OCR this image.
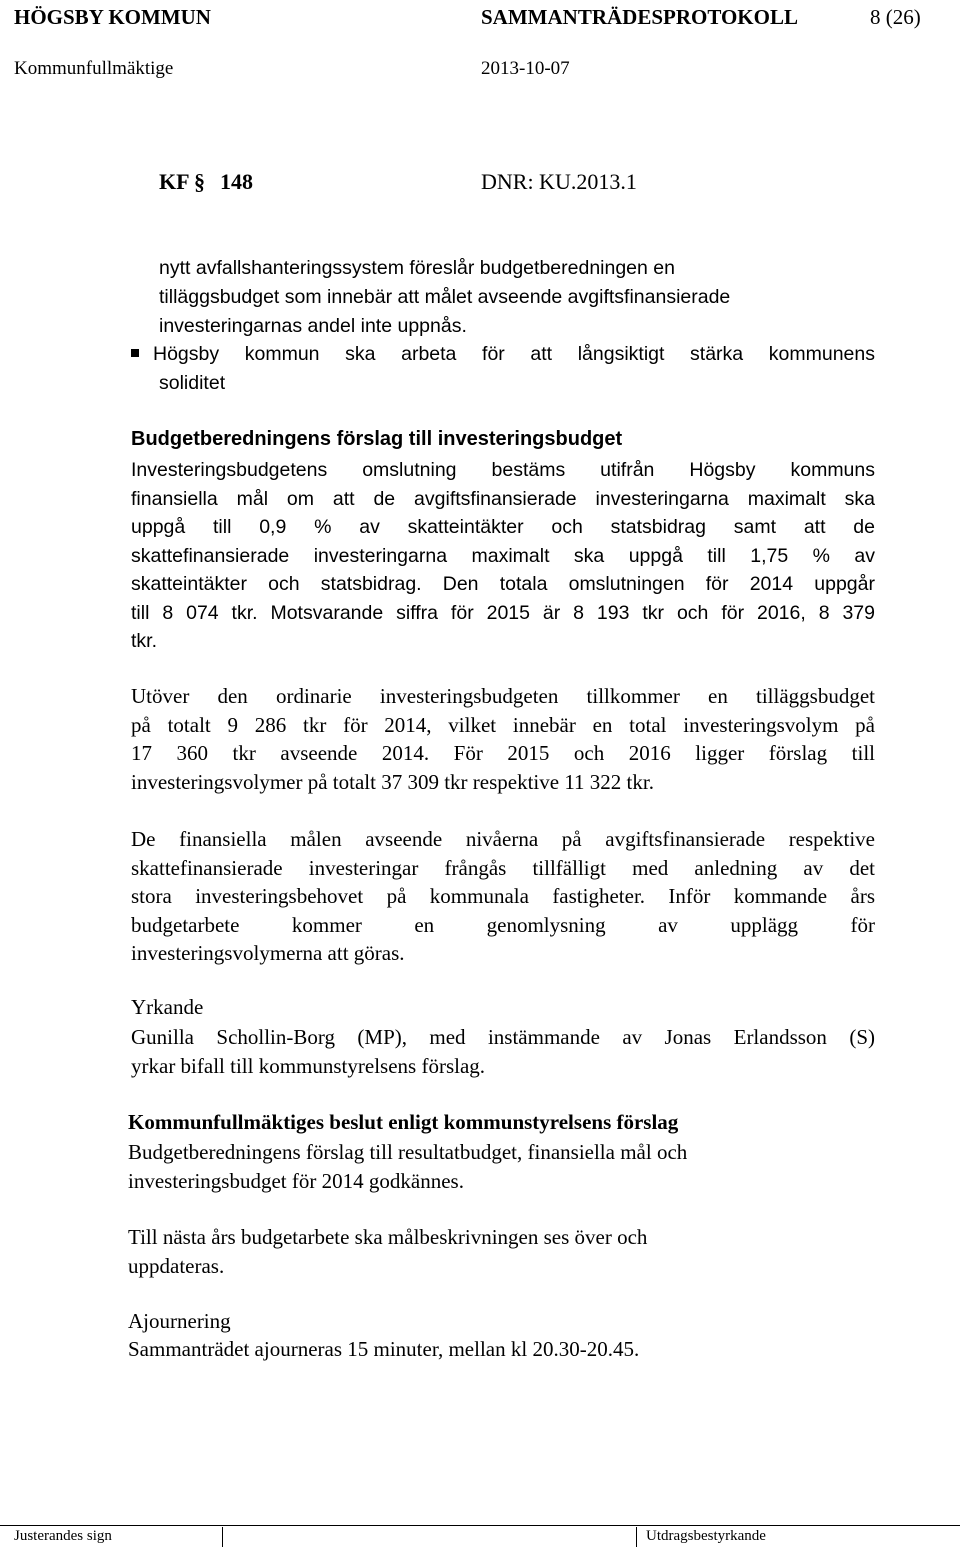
HÖGSBY KOMMUN	SAMMANTRÄDESPROTOKOLL	8 (26)
Kommunfullmäktige	2013-10-07
KF § 148	DNR: KU.2013.1
nytt avfallshanteringssystem föreslår budgetberedningen en
tilläggsbudget som innebär att målet avseende avgiftsfinansierade
investeringarnas andel inte uppnås.
Högsby kommun ska arbeta för att långsiktigt stärka kommunens
soliditet
Budgetberedningens förslag till investeringsbudget
Investeringsbudgetens omslutning bestäms utifrån Högsby kommuns
finansiella mål om att de avgiftsfinansierade investeringarna maximalt ska
uppgå till 0,9 % av skatteintäkter och statsbidrag samt att de
skattefinansierade investeringarna maximalt ska uppgå till 1,75 % av
skatteintäkter och statsbidrag. Den totala omslutningen för 2014 uppgår
till 8 074 tkr. Motsvarande siffra för 2015 är 8 193 tkr och för 2016, 8 379
tkr.
Utöver den ordinarie investeringsbudgeten tillkommer en tilläggsbudget
på totalt 9 286 tkr för 2014, vilket innebär en total investeringsvolym på
17 360 tkr avseende 2014. För 2015 och 2016 ligger förslag till
investeringsvolymer på totalt 37 309 tkr respektive 11 322 tkr.
De finansiella målen avseende nivåerna på avgiftsfinansierade respektive
skattefinansierade investeringar frångås tillfälligt med anledning av det
stora investeringsbehovet på kommunala fastigheter. Inför kommande års
budgetarbete kommer en genomlysning av upplägg för
investeringsvolymerna att göras.
Yrkande
Gunilla Schollin-Borg (MP), med instämmande av Jonas Erlandsson (S)
yrkar bifall till kommunstyrelsens förslag.
Kommunfullmäktiges beslut enligt kommunstyrelsens förslag
Budgetberedningens förslag till resultatbudget, finansiella mål och
investeringsbudget för 2014 godkännes.
Till nästa års budgetarbete ska målbeskrivningen ses över och
uppdateras.
Ajournering
Sammanträdet ajourneras 15 minuter, mellan kl 20.30-20.45.
Justerandes sign	Utdragsbestyrkande
